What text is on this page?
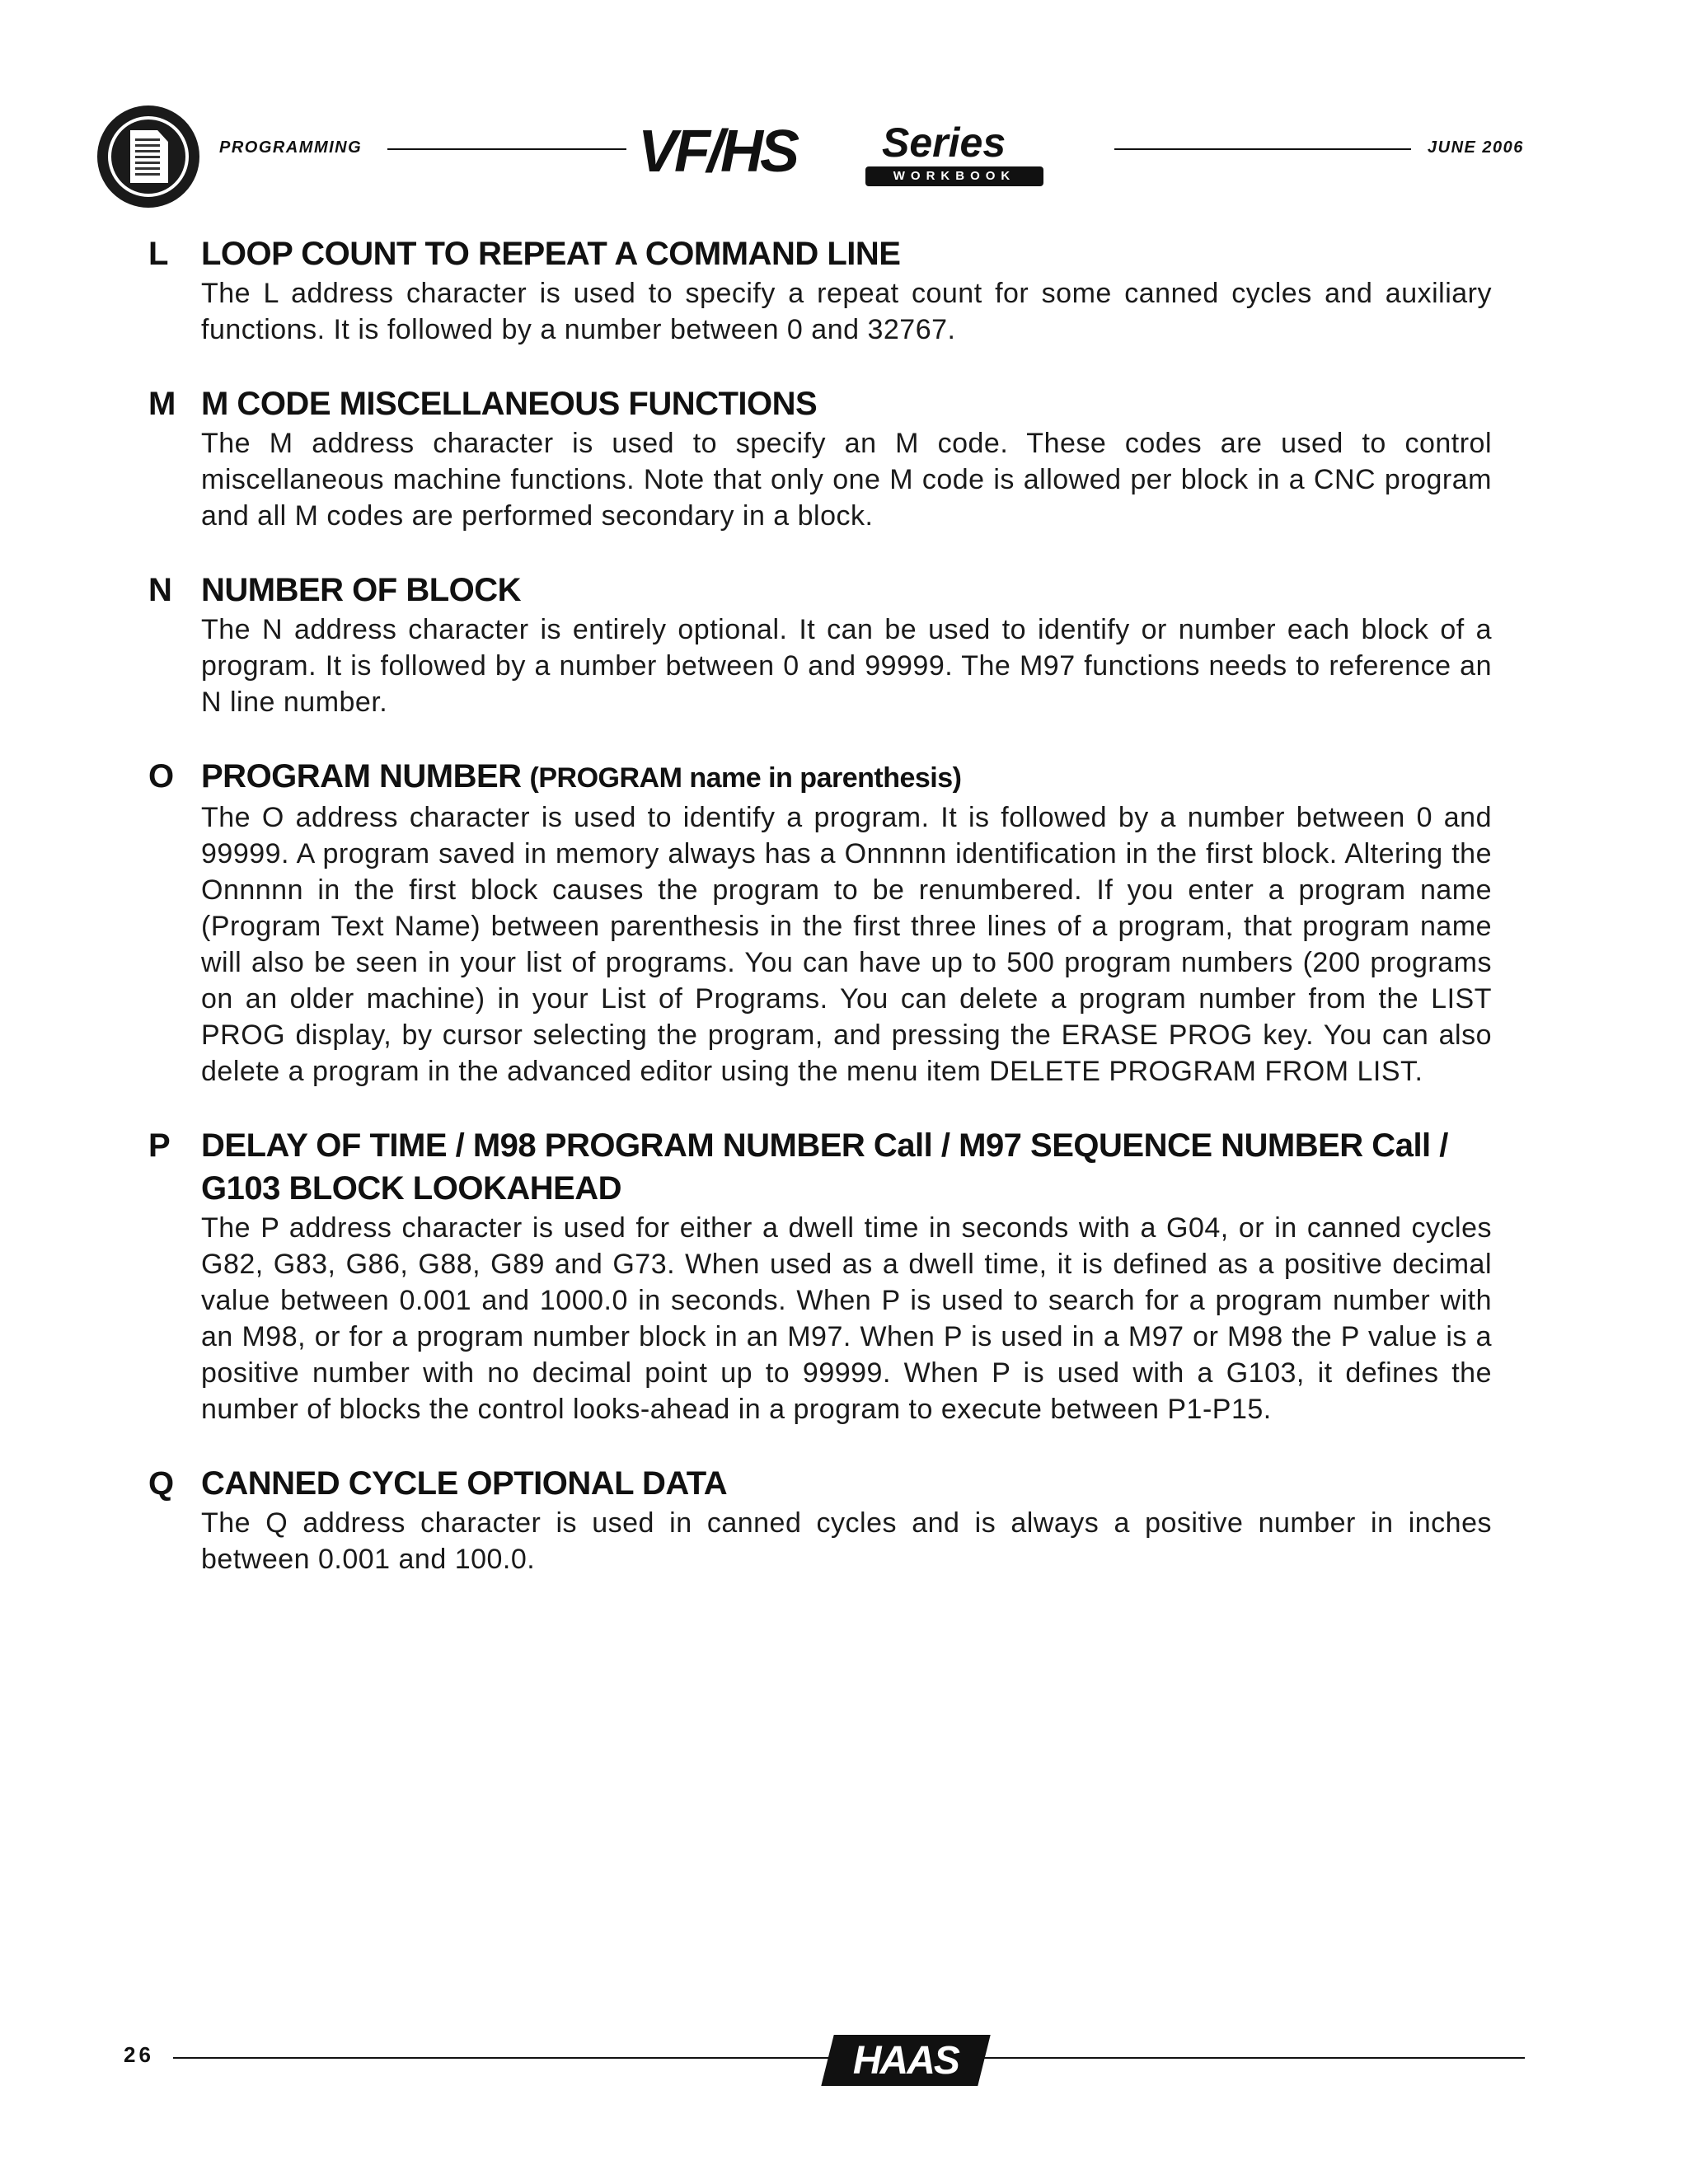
PROGRAMMING	VF/HS Series
WORKBOOK
JUNE 2006
L LOOP COUNT TO REPEAT A COMMAND LINE
The L address character is used to specify a repeat count for some canned cycles and auxiliary functions. It is followed by a number between 0 and 32767.
M M CODE MISCELLANEOUS FUNCTIONS
The M address character is used to specify an M code. These codes are used to control miscellaneous machine functions. Note that only one M code is allowed per block in a CNC program and all M codes are performed secondary in a block.
N NUMBER OF BLOCK
The N address character is entirely optional. It can be used to identify or number each block of a program. It is followed by a number between 0 and 99999. The M97 functions needs to reference an N line number.
O PROGRAM NUMBER (PROGRAM name in parenthesis)
The O address character is used to identify a program. It is followed by a number between 0 and 99999. A program saved in memory always has a Onnnnn identification in the first block. Altering the Onnnnn in the first block causes the program to be renumbered. If you enter a program name (Program Text Name) between parenthesis in the first three lines of a program, that program name will also be seen in your list of programs. You can have up to 500 program numbers (200 programs on an older machine) in your List of Programs. You can delete a program number from the LIST PROG display, by cursor selecting the program, and pressing the ERASE PROG key. You can also delete a program in the advanced editor using the menu item DELETE PROGRAM FROM LIST.
P DELAY OF TIME / M98 PROGRAM NUMBER Call / M97 SEQUENCE NUMBER Call / G103 BLOCK LOOKAHEAD
The P address character is used for either a dwell time in seconds with a G04, or in canned cycles G82, G83, G86, G88, G89 and G73. When used as a dwell time, it is defined as a positive decimal value between 0.001 and 1000.0 in seconds. When P is used to search for a program number with an M98, or for a program number block in an M97. When P is used in a M97 or M98 the P value is a positive number with no decimal point up to 99999. When P is used with a G103, it defines the number of blocks the control looks-ahead in a program to execute between P1-P15.
Q CANNED CYCLE OPTIONAL DATA
The Q address character is used in canned cycles and is always a positive number in inches between 0.001 and 100.0.
26	HAAS
